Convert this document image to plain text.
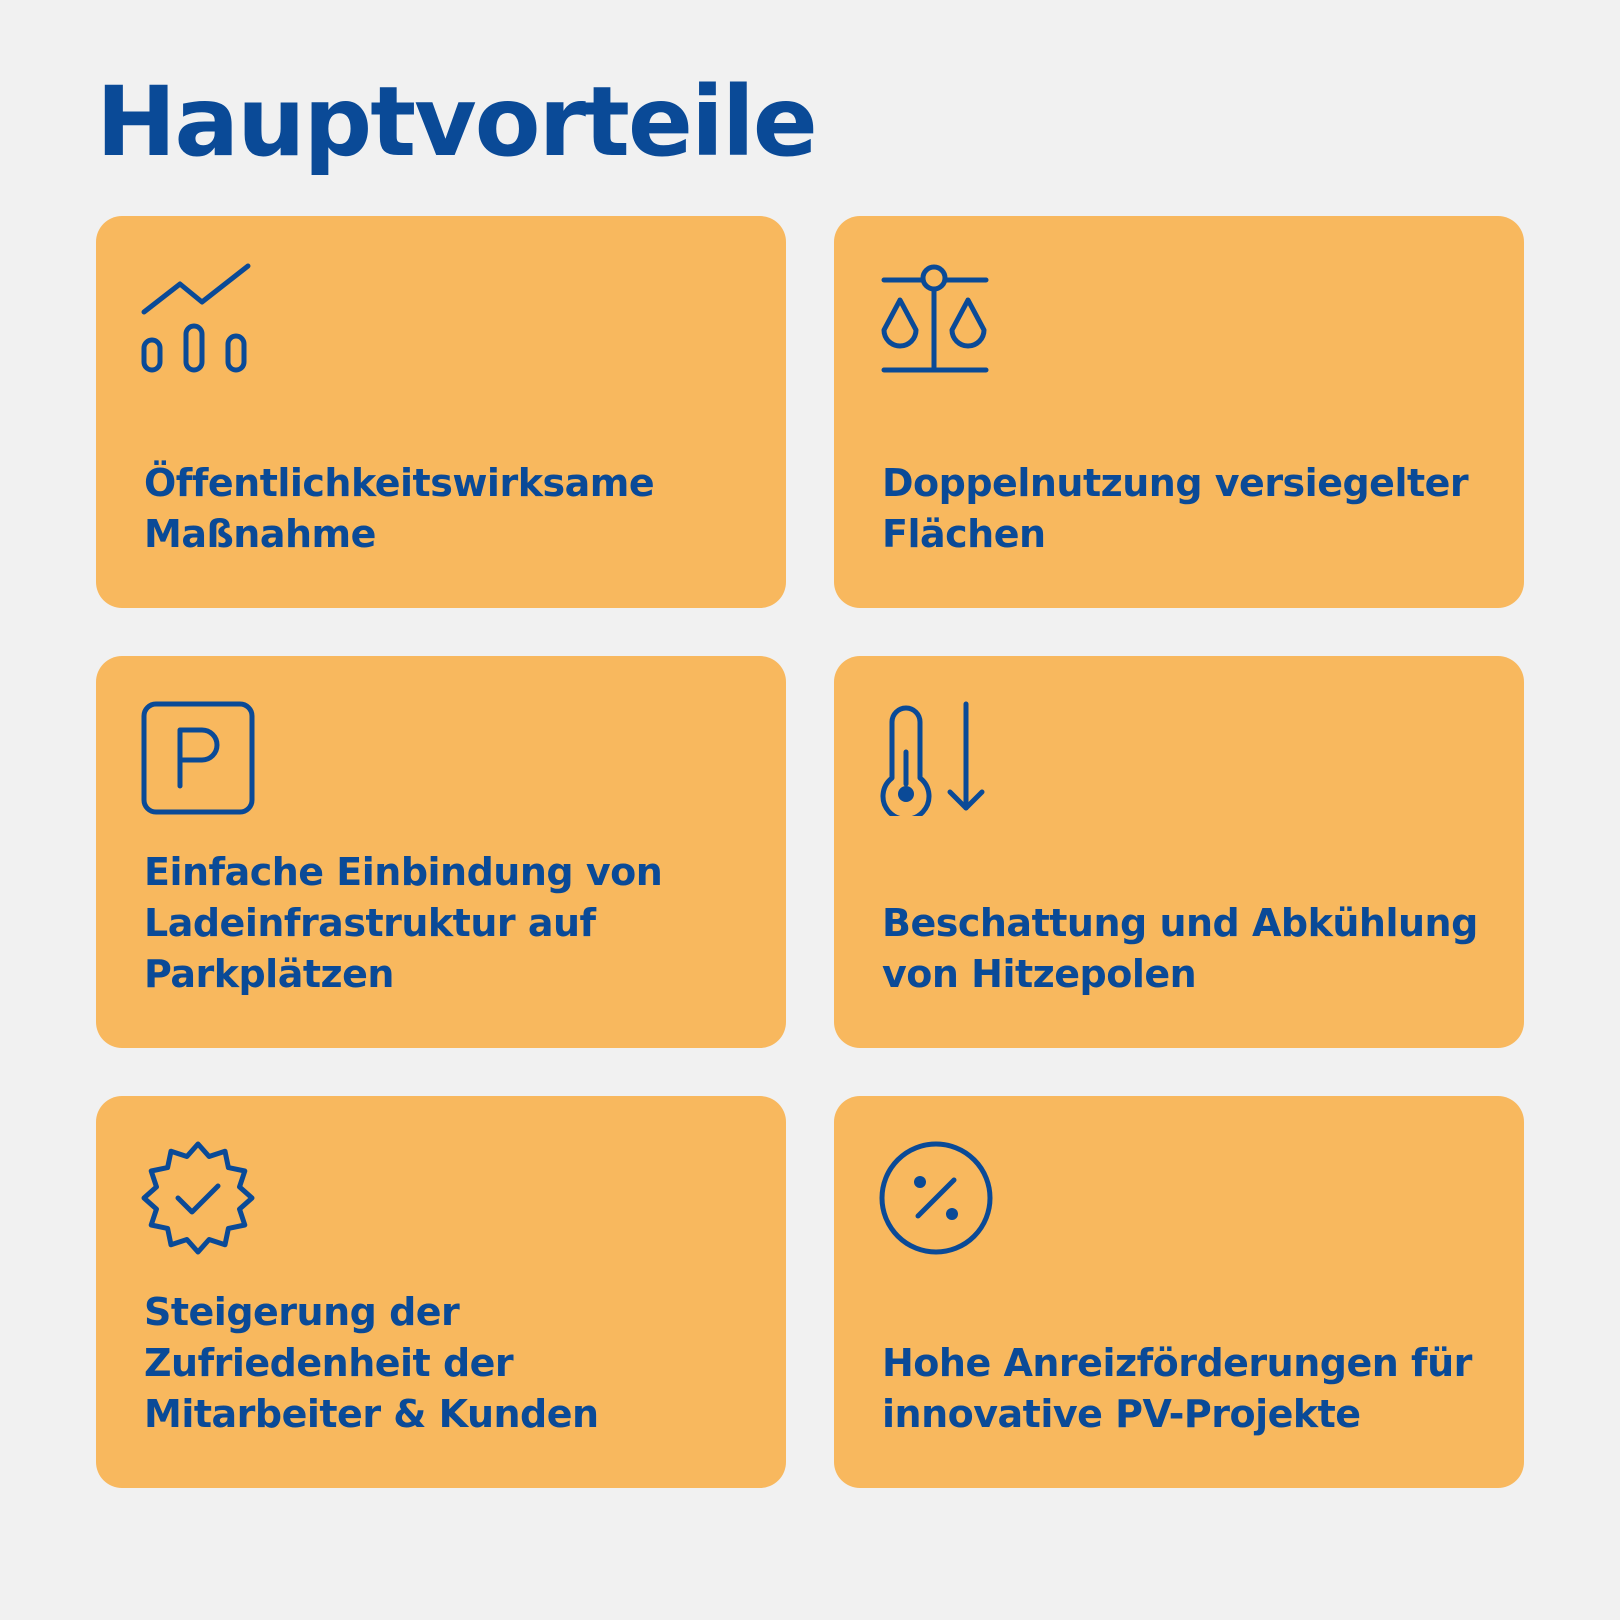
Hauptvorteile

Öffentlichkeitswirksame Maßnahme

Doppelnutzung versiegelter Flächen

Einfache Einbindung von Ladeinfrastruktur auf Parkplätzen

Beschattung und Abkühlung von Hitzepolen

Steigerung der Zufriedenheit der Mitarbeiter & Kunden

Hohe Anreizförderungen für innovative PV-Projekte
